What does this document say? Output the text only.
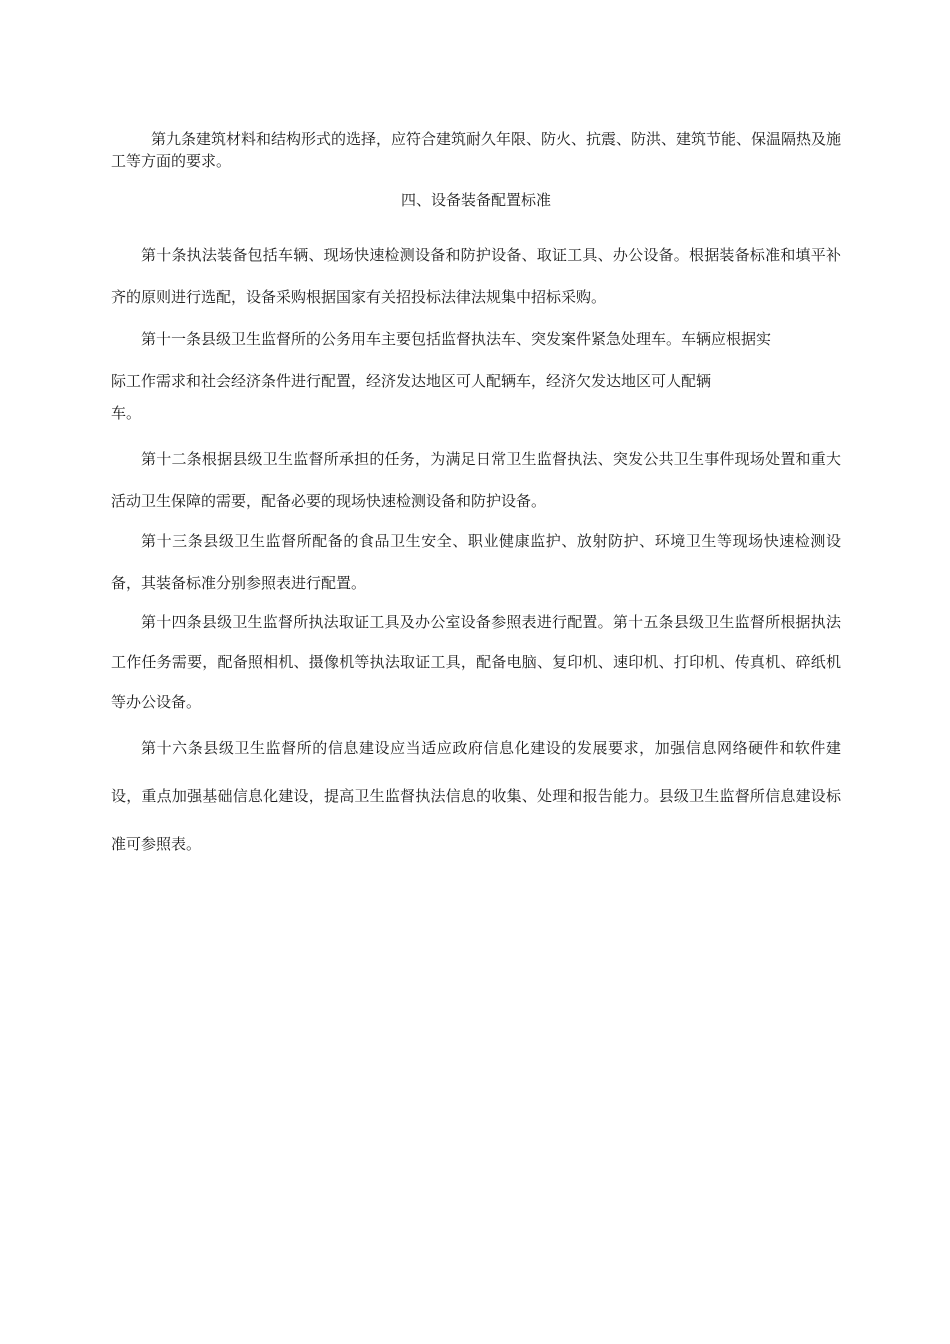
第九条建筑材料和结构形式的选择，应符合建筑耐久年限、防火、抗震、防洪、建筑节能、保温隔热及施工等方面的要求。

四、设备装备配置标准

第十条执法装备包括车辆、现场快速检测设备和防护设备、取证工具、办公设备。根据装备标准和填平补齐的原则进行选配，设备采购根据国家有关招投标法律法规集中招标采购。

第十一条县级卫生监督所的公务用车主要包括监督执法车、突发案件紧急处理车。车辆应根据实际工作需求和社会经济条件进行配置，经济发达地区可人配辆车，经济欠发达地区可人配辆

车。

第十二条根据县级卫生监督所承担的任务，为满足日常卫生监督执法、突发公共卫生事件现场处置和重大活动卫生保障的需要，配备必要的现场快速检测设备和防护设备。

第十三条县级卫生监督所配备的食品卫生安全、职业健康监护、放射防护、环境卫生等现场快速检测设备，其装备标准分别参照表进行配置。

第十四条县级卫生监督所执法取证工具及办公室设备参照表进行配置。第十五条县级卫生监督所根据执法工作任务需要，配备照相机、摄像机等执法取证工具，配备电脑、复印机、速印机、打印机、传真机、碎纸机等办公设备。

第十六条县级卫生监督所的信息建设应当适应政府信息化建设的发展要求，加强信息网络硬件和软件建设，重点加强基础信息化建设，提高卫生监督执法信息的收集、处理和报告能力。县级卫生监督所信息建设标准可参照表。
